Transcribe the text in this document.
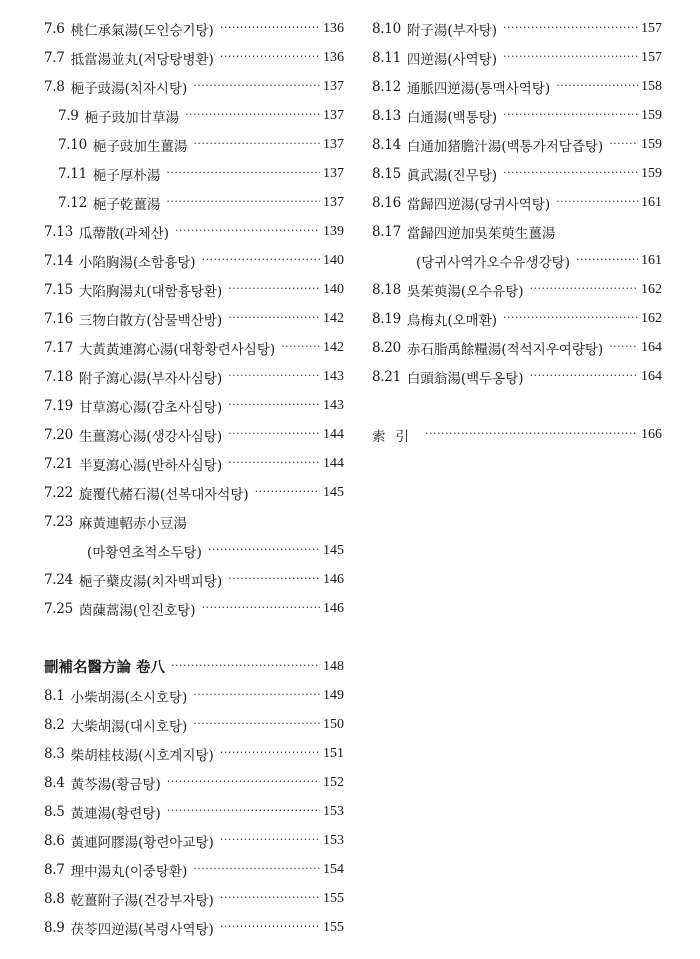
7.6 桃仁承氣湯(도인승기탕) ·····	136
7.7 抵當湯並丸(저당탕병환) ·····	136
7.8 梔子豉湯(치자시탕) ·····	137
7.9 梔子豉加甘草湯 ·····	137
7.10 梔子豉加生薑湯 ·····	137
7.11 梔子厚朴湯 ·····	137
7.12 梔子乾薑湯 ·····	137
7.13 瓜蔕散(과체산) ·····	139
7.14 小陷胸湯(소함흉탕) ·····	140
7.15 大陷胸湯丸(대함흉탕환) ·····	140
7.16 三物白散方(삼물백산방) ·····	142
7.17 大黃黃連瀉心湯(대황황련사심탕) ·····	142
7.18 附子瀉心湯(부자사심탕) ·····	143
7.19 甘草瀉心湯(감초사심탕) ·····	143
7.20 生薑瀉心湯(생강사심탕) ·····	144
7.21 半夏瀉心湯(반하사심탕) ·····	144
7.22 旋覆代赭石湯(선복대자석탕) ·····	145
7.23 麻黃連軺赤小豆湯
(마황연초적소두탕) ·····	145
7.24 梔子蘗皮湯(치자백피탕) ·····	146
7.25 茵蔯蒿湯(인진호탕) ·····	146
刪補名醫方論 卷八 ·····	148
8.1 小柴胡湯(소시호탕) ·····	149
8.2 大柴胡湯(대시호탕) ·····	150
8.3 柴胡桂枝湯(시호계지탕) ·····	151
8.4 黃芩湯(황금탕) ·····	152
8.5 黃連湯(황련탕) ·····	153
8.6 黃連阿膠湯(황련아교탕) ·····	153
8.7 理中湯丸(이중탕환) ·····	154
8.8 乾薑附子湯(건강부자탕) ·····	155
8.9 茯苓四逆湯(복령사역탕) ·····	155
8.10 附子湯(부자탕) ·····	157
8.11 四逆湯(사역탕) ·····	157
8.12 通脈四逆湯(통맥사역탕) ·····	158
8.13 白通湯(백통탕) ·····	159
8.14 白通加猪膽汁湯(백통가저담즙탕) ·····	159
8.15 眞武湯(진무탕) ·····	159
8.16 當歸四逆湯(당귀사역탕) ·····	161
8.17 當歸四逆加吳茱萸生薑湯
(당귀사역가오수유생강탕) ·····	161
8.18 吳茱萸湯(오수유탕) ·····	162
8.19 烏梅丸(오매환) ·····	162
8.20 赤石脂禹餘糧湯(적석지우여량탕) ·····	164
8.21 白頭翁湯(백두옹탕) ·····	164
索引 ·····	166
